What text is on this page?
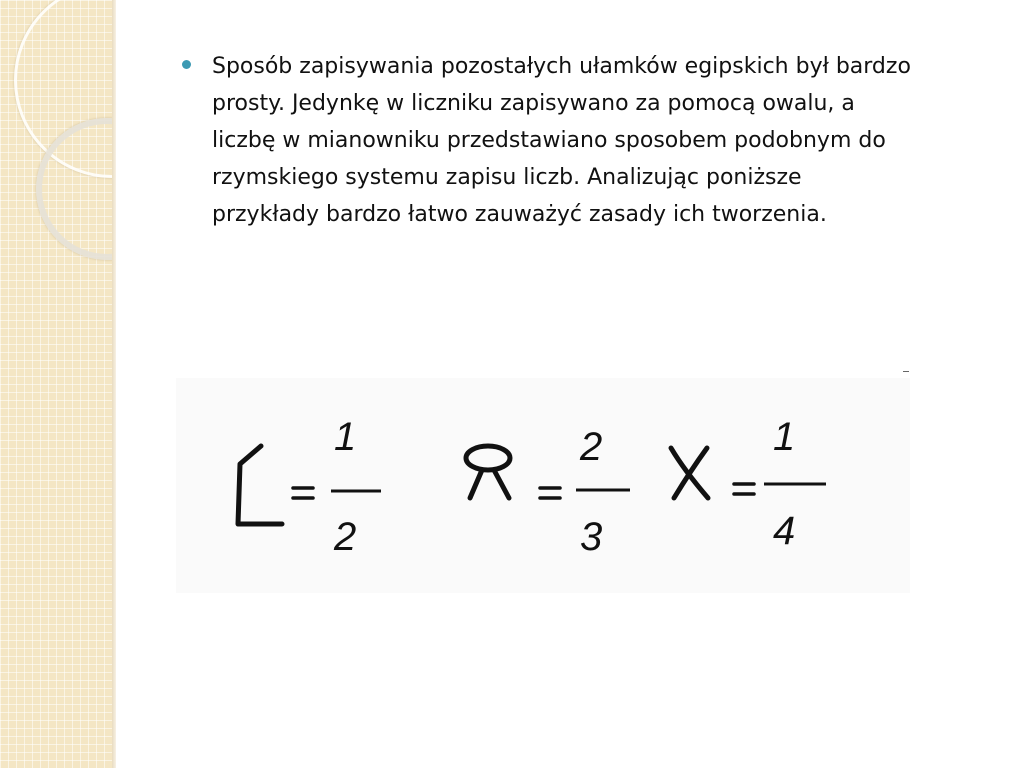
Sposób zapisywania pozostałych ułamków egipskich był bardzo prosty. Jedynkę w liczniku zapisywano za pomocą owalu, a liczbę w mianowniku przedstawiano sposobem podobnym do rzymskiego systemu zapisu liczb. Analizując poniższe przykłady bardzo łatwo zauważyć zasady ich tworzenia.
1
2
2
3
1
4
